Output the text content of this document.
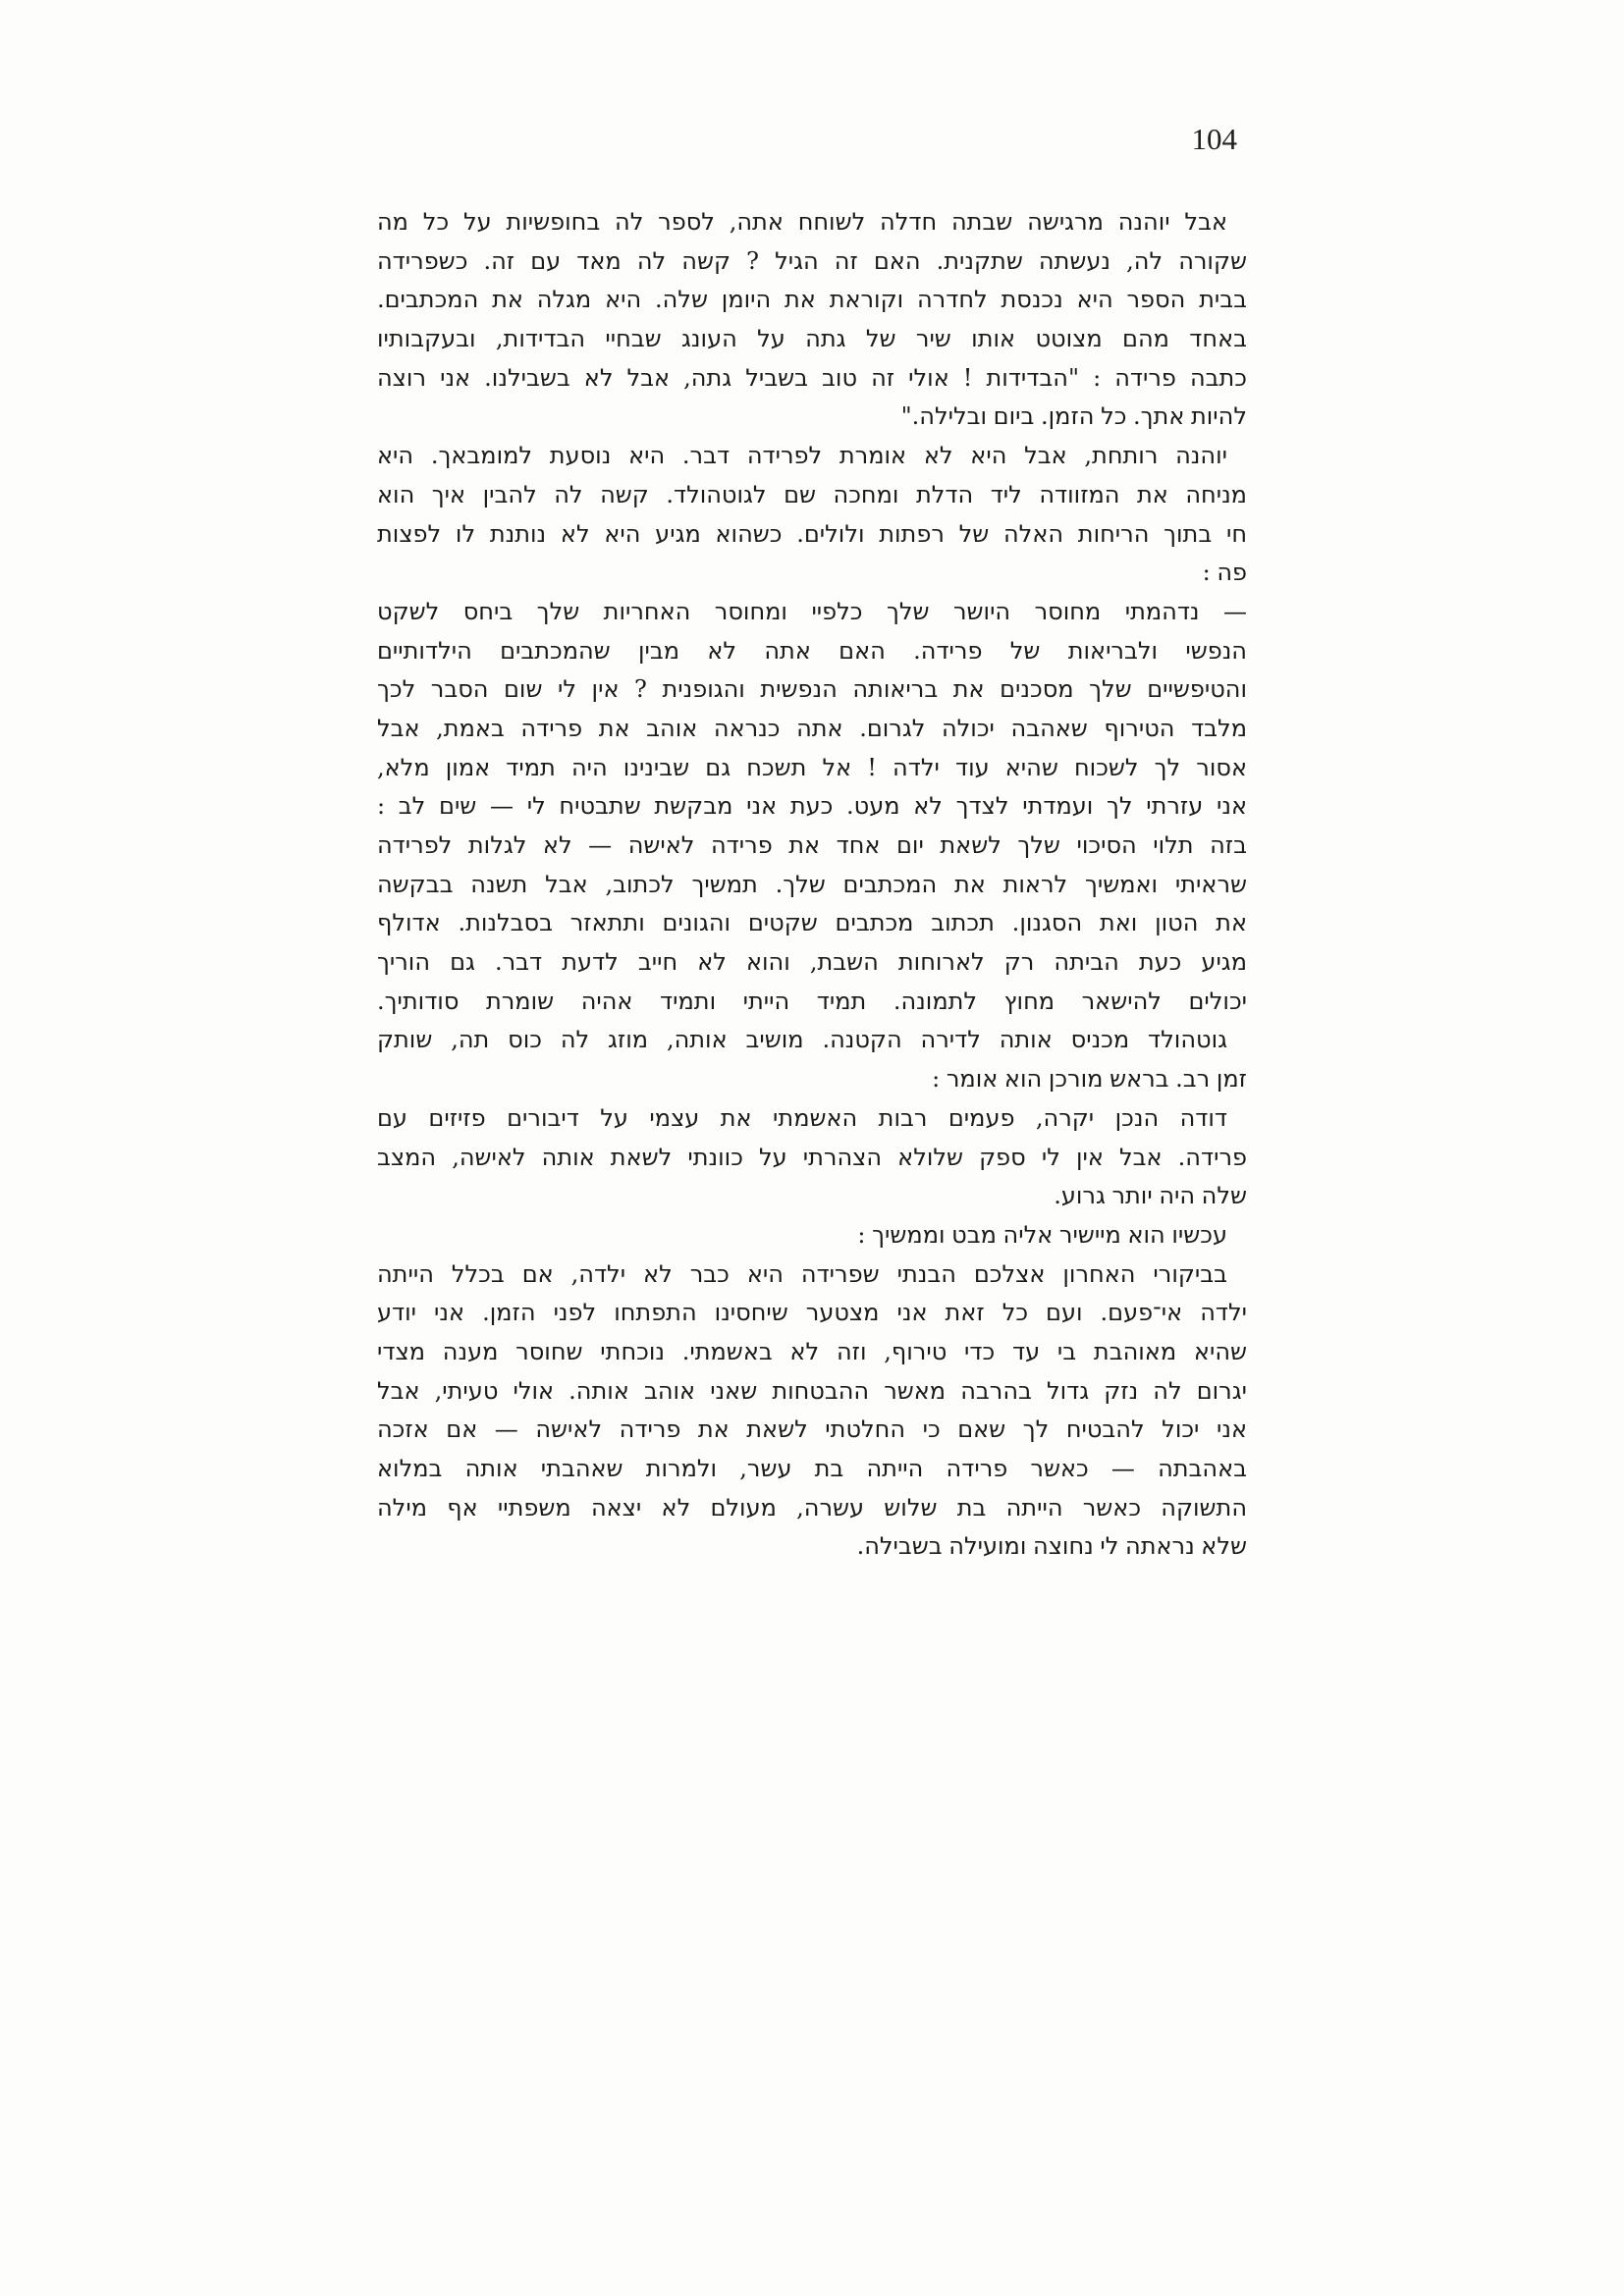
104
אבל יוהנה מרגישה שבתה חדלה לשוחח אתה, לספר לה בחופשיות על כל מה
שקורה לה, נעשתה שתקנית. האם זה הגיל ? קשה לה מאד עם זה. כשפרידה
בבית הספר היא נכנסת לחדרה וקוראת את היומן שלה. היא מגלה את המכתבים.
באחד מהם מצוטט אותו שיר של גתה על העונג שבחיי הבדידות, ובעקבותיו
כתבה פרידה : "הבדידות ! אולי זה טוב בשביל גתה, אבל לא בשבילנו. אני רוצה
להיות אתך. כל הזמן. ביום ובלילה."
יוהנה רותחת, אבל היא לא אומרת לפרידה דבר. היא נוסעת למומבאך. היא
מניחה את המזוודה ליד הדלת ומחכה שם לגוטהולד. קשה לה להבין איך הוא
חי בתוך הריחות האלה של רפתות ולולים. כשהוא מגיע היא לא נותנת לו לפצות
פה :
— נדהמתי מחוסר היושר שלך כלפיי ומחוסר האחריות שלך ביחס לשקט
הנפשי ולבריאות של פרידה. האם אתה לא מבין שהמכתבים הילדותיים
והטיפשיים שלך מסכנים את בריאותה הנפשית והגופנית ? אין לי שום הסבר לכך
מלבד הטירוף שאהבה יכולה לגרום. אתה כנראה אוהב את פרידה באמת, אבל
אסור לך לשכוח שהיא עוד ילדה ! אל תשכח גם שבינינו היה תמיד אמון מלא,
אני עזרתי לך ועמדתי לצדך לא מעט. כעת אני מבקשת שתבטיח לי — שים לב :
בזה תלוי הסיכוי שלך לשאת יום אחד את פרידה לאישה — לא לגלות לפרידה
שראיתי ואמשיך לראות את המכתבים שלך. תמשיך לכתוב, אבל תשנה בבקשה
את הטון ואת הסגנון. תכתוב מכתבים שקטים והגונים ותתאזר בסבלנות. אדולף
מגיע כעת הביתה רק לארוחות השבת, והוא לא חייב לדעת דבר. גם הוריך
יכולים להישאר מחוץ לתמונה. תמיד הייתי ותמיד אהיה שומרת סודותיך.
גוטהולד מכניס אותה לדירה הקטנה. מושיב אותה, מוזג לה כוס תה, שותק
זמן רב. בראש מורכן הוא אומר :
דודה הנכן יקרה, פעמים רבות האשמתי את עצמי על דיבורים פזיזים עם
פרידה. אבל אין לי ספק שלולא הצהרתי על כוונתי לשאת אותה לאישה, המצב
שלה היה יותר גרוע.
עכשיו הוא מיישיר אליה מבט וממשיך :
בביקורי האחרון אצלכם הבנתי שפרידה היא כבר לא ילדה, אם בכלל הייתה
ילדה אי־פעם. ועם כל זאת אני מצטער שיחסינו התפתחו לפני הזמן. אני יודע
שהיא מאוהבת בי עד כדי טירוף, וזה לא באשמתי. נוכחתי שחוסר מענה מצדי
יגרום לה נזק גדול בהרבה מאשר ההבטחות שאני אוהב אותה. אולי טעיתי, אבל
אני יכול להבטיח לך שאם כי החלטתי לשאת את פרידה לאישה — אם אזכה
באהבתה — כאשר פרידה הייתה בת עשר, ולמרות שאהבתי אותה במלוא
התשוקה כאשר הייתה בת שלוש עשרה, מעולם לא יצאה משפתיי אף מילה
שלא נראתה לי נחוצה ומועילה בשבילה.
